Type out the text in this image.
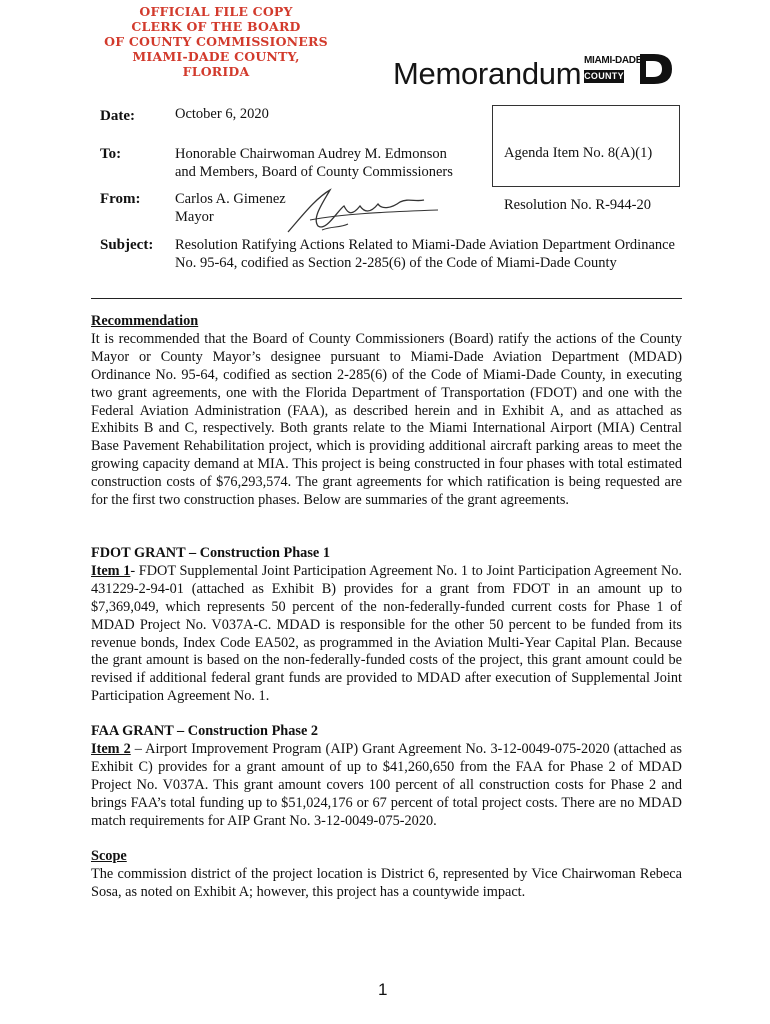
OFFICIAL FILE COPY
CLERK OF THE BOARD
OF COUNTY COMMISSIONERS
MIAMI-DADE COUNTY, FLORIDA	Memorandum MIAMI-DADE
COUNTY
Date:	October 6, 2020
To:	Honorable Chairwoman Audrey M. Edmonson
and Members, Board of County Commissioners
From: Carlos A. Gimenez
Mayor
Agenda Item No. 8(A)(1)
Resolution No. R-944-20
Subject: Resolution Ratifying Actions Related to Miami-Dade Aviation Department Ordinance No. 95-64, codified as Section 2-285(6) of the Code of Miami-Dade County
Recommendation
It is recommended that the Board of County Commissioners (Board) ratify the actions of the County Mayor or County Mayor’s designee pursuant to Miami-Dade Aviation Department (MDAD) Ordinance No. 95-64, codified as section 2-285(6) of the Code of Miami-Dade County, in executing two grant agreements, one with the Florida Department of Transportation (FDOT) and one with the Federal Aviation Administration (FAA), as described herein and in Exhibit A, and as attached as Exhibits B and C, respectively. Both grants relate to the Miami International Airport (MIA) Central Base Pavement Rehabilitation project, which is providing additional aircraft parking areas to meet the growing capacity demand at MIA. This project is being constructed in four phases with total estimated construction costs of $76,293,574. The grant agreements for which ratification is being requested are for the first two construction phases. Below are summaries of the grant agreements.
FDOT GRANT – Construction Phase 1
Item 1- FDOT Supplemental Joint Participation Agreement No. 1 to Joint Participation Agreement No. 431229-2-94-01 (attached as Exhibit B) provides for a grant from FDOT in an amount up to $7,369,049, which represents 50 percent of the non-federally-funded current costs for Phase 1 of MDAD Project No. V037A-C. MDAD is responsible for the other 50 percent to be funded from its revenue bonds, Index Code EA502, as programmed in the Aviation Multi-Year Capital Plan. Because the grant amount is based on the non-federally-funded costs of the project, this grant amount could be revised if additional federal grant funds are provided to MDAD after execution of Supplemental Joint Participation Agreement No. 1.
FAA GRANT – Construction Phase 2
Item 2 – Airport Improvement Program (AIP) Grant Agreement No. 3-12-0049-075-2020 (attached as Exhibit C) provides for a grant amount of up to $41,260,650 from the FAA for Phase 2 of MDAD Project No. V037A. This grant amount covers 100 percent of all construction costs for Phase 2 and brings FAA’s total funding up to $51,024,176 or 67 percent of total project costs. There are no MDAD match requirements for AIP Grant No. 3-12-0049-075-2020.
Scope
The commission district of the project location is District 6, represented by Vice Chairwoman Rebeca Sosa, as noted on Exhibit A; however, this project has a countywide impact.
1
